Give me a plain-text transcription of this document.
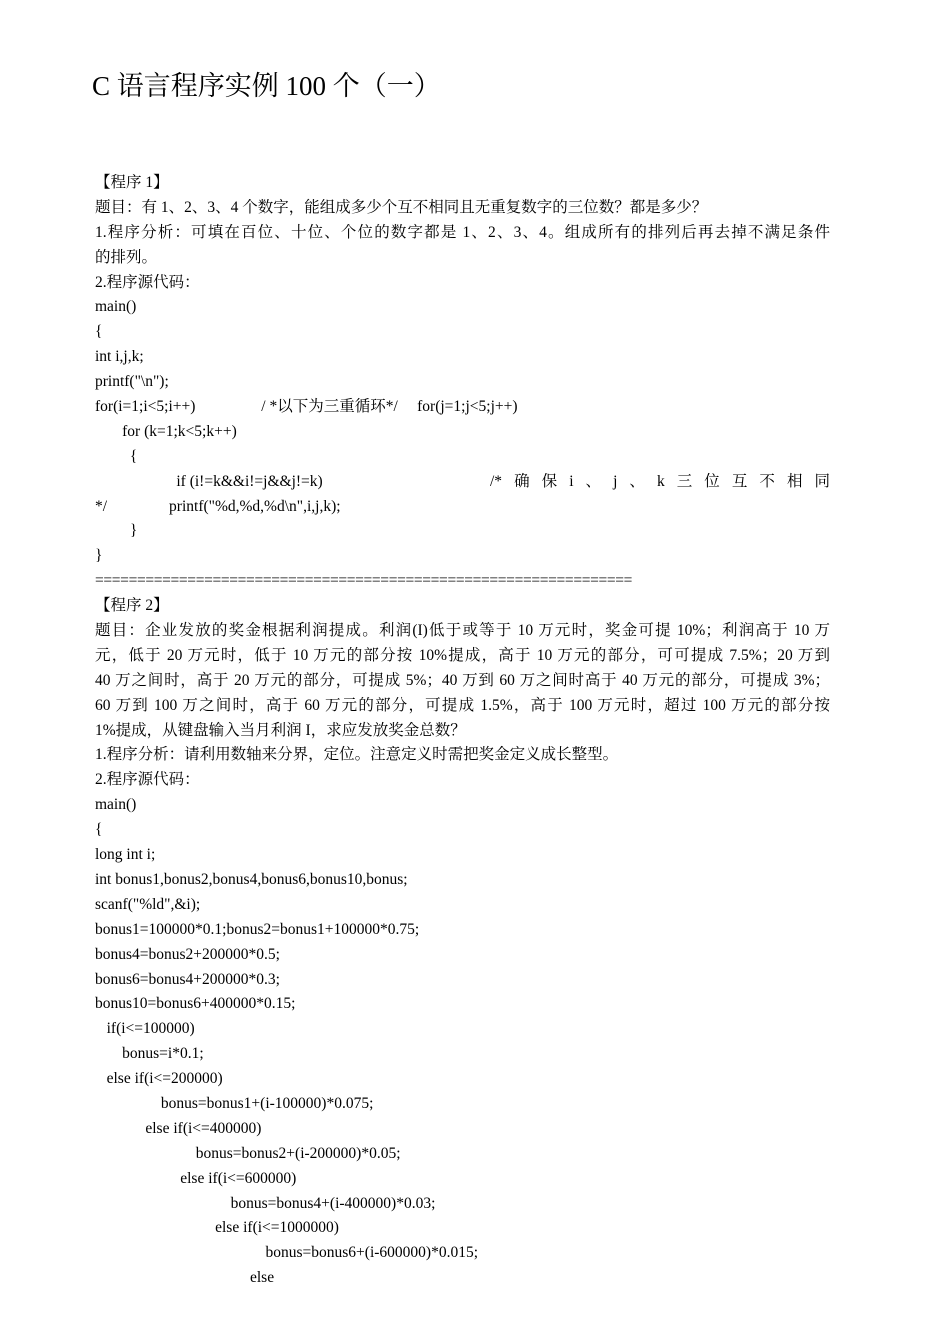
C 语言程序实例 100 个（一）
【程序 1】
题目：有 1、2、3、4 个数字，能组成多少个互不相同且无重复数字的三位数？都是多少？
1.程序分析：可填在百位、十位、个位的数字都是 1、2、3、4。组成所有的排列后再去掉不满足条件
的排列。
2.程序源代码：
main()
{
int i,j,k;
printf("\n");
for(i=1;i<5;i++)                 / *以下为三重循环*/     for(j=1;j<5;j++)
for (k=1;k<5;k++)
{
if (i!=k&&i!=j&&j!=k)	/* 确 保 i 、 j 、 k 三 位 互 不 相 同
*/                printf("%d,%d,%d\n",i,j,k);
}
}
================================================================
【程序 2】
题目：企业发放的奖金根据利润提成。利润(I)低于或等于 10 万元时，奖金可提 10%；利润高于 10 万
元，低于 20 万元时，低于 10 万元的部分按 10%提成，高于 10 万元的部分，可可提成 7.5%；20 万到
40 万之间时，高于 20 万元的部分，可提成 5%；40 万到 60 万之间时高于 40 万元的部分，可提成 3%；
60 万到 100 万之间时，高于 60 万元的部分，可提成 1.5%，高于 100 万元时，超过 100 万元的部分按
1%提成，从键盘输入当月利润 I，求应发放奖金总数？
1.程序分析：请利用数轴来分界，定位。注意定义时需把奖金定义成长整型。
2.程序源代码：
main()
{
long int i;
int bonus1,bonus2,bonus4,bonus6,bonus10,bonus;
scanf("%ld",&i);
bonus1=100000*0.1;bonus2=bonus1+100000*0.75;
bonus4=bonus2+200000*0.5;
bonus6=bonus4+200000*0.3;
bonus10=bonus6+400000*0.15;
if(i<=100000)
bonus=i*0.1;
else if(i<=200000)
bonus=bonus1+(i-100000)*0.075;
else if(i<=400000)
bonus=bonus2+(i-200000)*0.05;
else if(i<=600000)
bonus=bonus4+(i-400000)*0.03;
else if(i<=1000000)
bonus=bonus6+(i-600000)*0.015;
else
